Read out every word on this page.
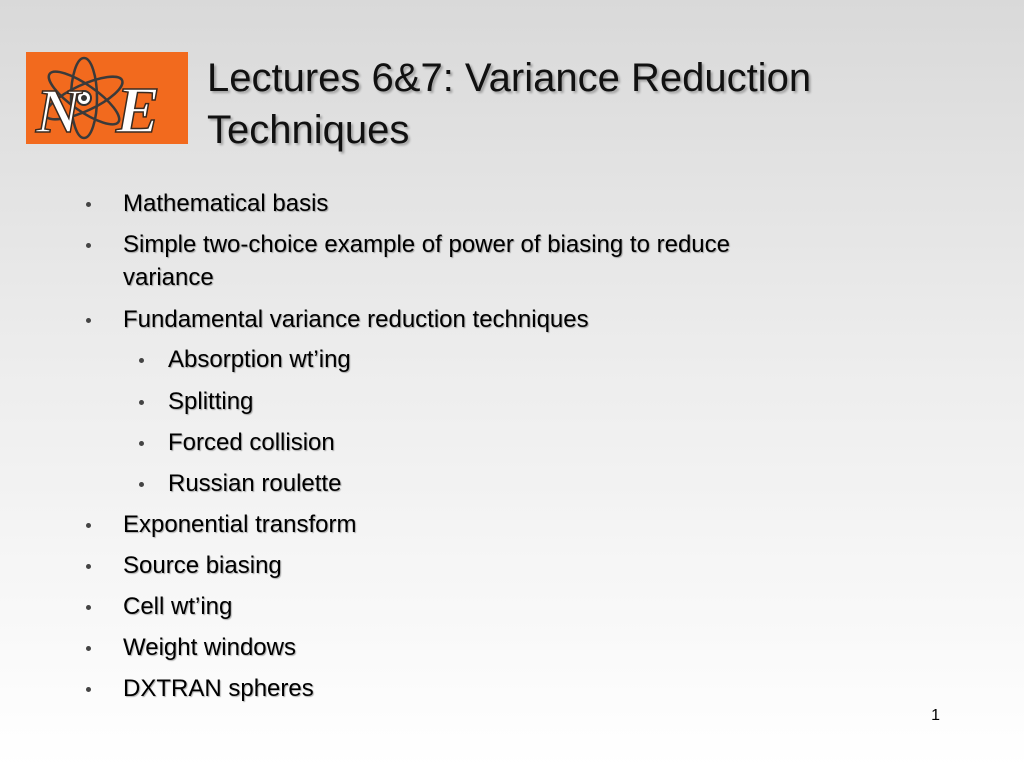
N E Lectures 6&7: Variance Reduction
Techniques
Mathematical basis
Simple two-choice example of power of biasing to reduce
variance
Fundamental variance reduction techniques
Absorption wt’ing
Splitting
Forced collision
Russian roulette
Exponential transform
Source biasing
Cell wt’ing
Weight windows
DXTRAN spheres
1
